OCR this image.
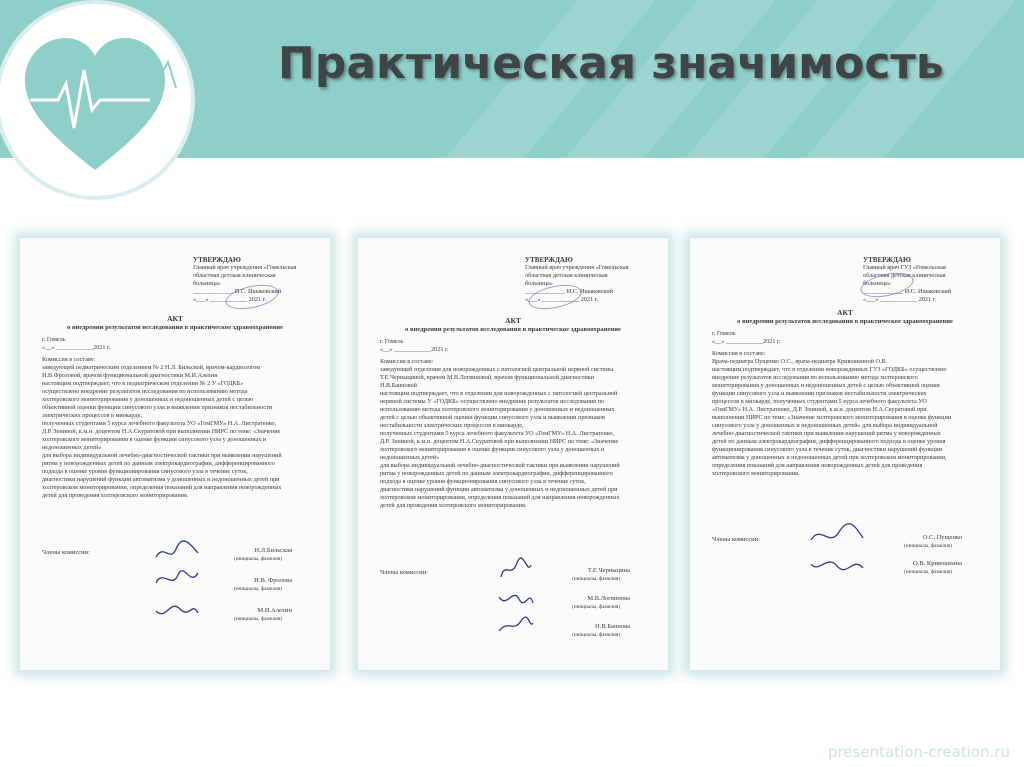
Практическая значимость
УТВЕРЖДАЮ
Главный врач учреждения «Гомельская
областная детская клиническая
больница»
_____________ И.С. Ишаковский
«___» ____________ 2021 г.
АКТ
о внедрении результатов исследования в практическое здравоохранение
г. Гомель
«__» ____________2021 г.
Комиссия в составе:
заведующей педиатрическим отделением № 2 Н.Л. Бильской, врачом-кардиологом
И.В.Фроловой, врачом функциональной диагностики М.И.Алехин
настоящим подтверждает, что в педиатрическом отделении № 2 У «ГОДКБ»
осуществлено внедрение результатов исследования по использованию метода
холтеровского мониторирования у доношенных и недоношенных детей с целью
объективной оценки функции синусового узла и выявлении признаков нестабильности
электрических процессов в миокарде,
полученных студентами 5 курса лечебного факультета УО «ГомГМУ» Н.А. Листратенко,
Д.Р. Зениной, к.м.н. доцентом Н.А.Скуратовой при выполнении НИРС по теме: «Значение
холтеровского мониторирования в оценке функции синусового узла у доношенных и
недоношенных детей»
для выбора индивидуальной лечебно-диагностической тактики при выявлении нарушений
ритма у новорожденных детей по данным электрокардиографии, дифференцированного
подхода в оценке уровня функционирования синусового узла в течение суток,
диагностики нарушений функции автоматизма у доношенных и недоношенных детей при
холтеровском мониторировании, определения показаний для направления новорожденных
детей для проведения холтеровского мониторирования.
Члены комиссии:	Н.Л.Бильская
(инициалы, фамилия)
И.В. Фролова
(инициалы, фамилия)
М.И.Алехин
(инициалы, фамилия)
УТВЕРЖДАЮ
Главный врач учреждения «Гомельская
областная детская клиническая
больница»
_____________ И.С. Ишаковский
«___» ____________ 2021 г.
АКТ
о внедрении результатов исследования в практическое здравоохранение
г. Гомель
«__» ____________2021 г.
Комиссия в составе:
заведующей отделения для новорожденных с патологией центральной нервной системы
Т.Е.Черныциной, врачом М.В.Логвиновой, врачом функциональной диагностики
Н.В.Банновой
настоящим подтверждает, что в отделении для новорожденных с патологией центральной
нервной системы У «ГОДКБ» осуществлено внедрение результатов исследования по
использованию метода холтеровского мониторирования у доношенных и недоношенных
детей с целью объективной оценки функции синусового узла и выявлении признаков
нестабильности электрических процессов в миокарде,
полученных студентами 5 курса лечебного факультета УО «ГомГМУ» Н.А. Листратенко,
Д.Р. Зениной, к.м.н. доцентом Н.А.Скуратовой при выполнении НИРС по теме: «Значение
холтеровского мониторирования в оценке функции синусового узла у доношенных и
недоношенных детей»
для выбора индивидуальной лечебно-диагностической тактики при выявлении нарушений
ритма у новорожденных детей по данным электрокардиографии, дифференцированного
подхода в оценке уровня функционирования синусового узла в течение суток,
диагностики нарушений функции автоматизма у доношенных и недоношенных детей при
холтеровском мониторировании, определения показаний для направления новорожденных
детей для проведения холтеровского мониторирования.
Члены комиссии:	Т.Е.Черныцина
(инициалы, фамилия)
М.В.Логвинова
(инициалы, фамилия)
Н.В.Баннова
(инициалы, фамилия)
УТВЕРЖДАЮ
Главный врач ГУЗ «Гомельская
областная детская клиническая
больница»
_____________ И.С. Ишаковский
«___» ____________ 2021 г.
АКТ
о внедрении результатов исследования в практическое здравоохранение
г. Гомель
«__» ____________2021 г.
Комиссия в составе:
Врача-педиатра Пущенко О.С., врача-педиатра Кривошеиной О.В.
настоящим подтверждает, что в отделении новорожденных ГУЗ «ГОДКБ» осуществлено
внедрение результатов исследования по использованию метода холтеровского
мониторирования у доношенных и недоношенных детей с целью объективной оценки
функции синусового узла и выявлении признаков нестабильности электрических
процессов в миокарде, полученных студентами 5 курса лечебного факультета УО
«ГомГМУ» Н.А. Листратенко, Д.Р. Зениной, к.м.н. доцентом Н.А.Скуратовой при
выполнении НИРС по теме: «Значение холтеровского мониторирования в оценке функции
синусового узла у доношенных и недоношенных детей» для выбора индивидуальной
лечебно-диагностической тактики при выявлении нарушений ритма у новорожденных
детей по данным электрокардиографии, дифференцированного подхода в оценке уровня
функционирования синусового узла в течение суток, диагностики нарушений функции
автоматизма у доношенных и недоношенных детей при холтеровском мониторировании,
определения показаний для направления новорожденных детей для проведения
холтеровского мониторирования.
Члены комиссии:	О.С. Пущенко
(инициалы, фамилия)
О.В. Кривошеина
(инициалы, фамилия)
presentation-creation.ru
